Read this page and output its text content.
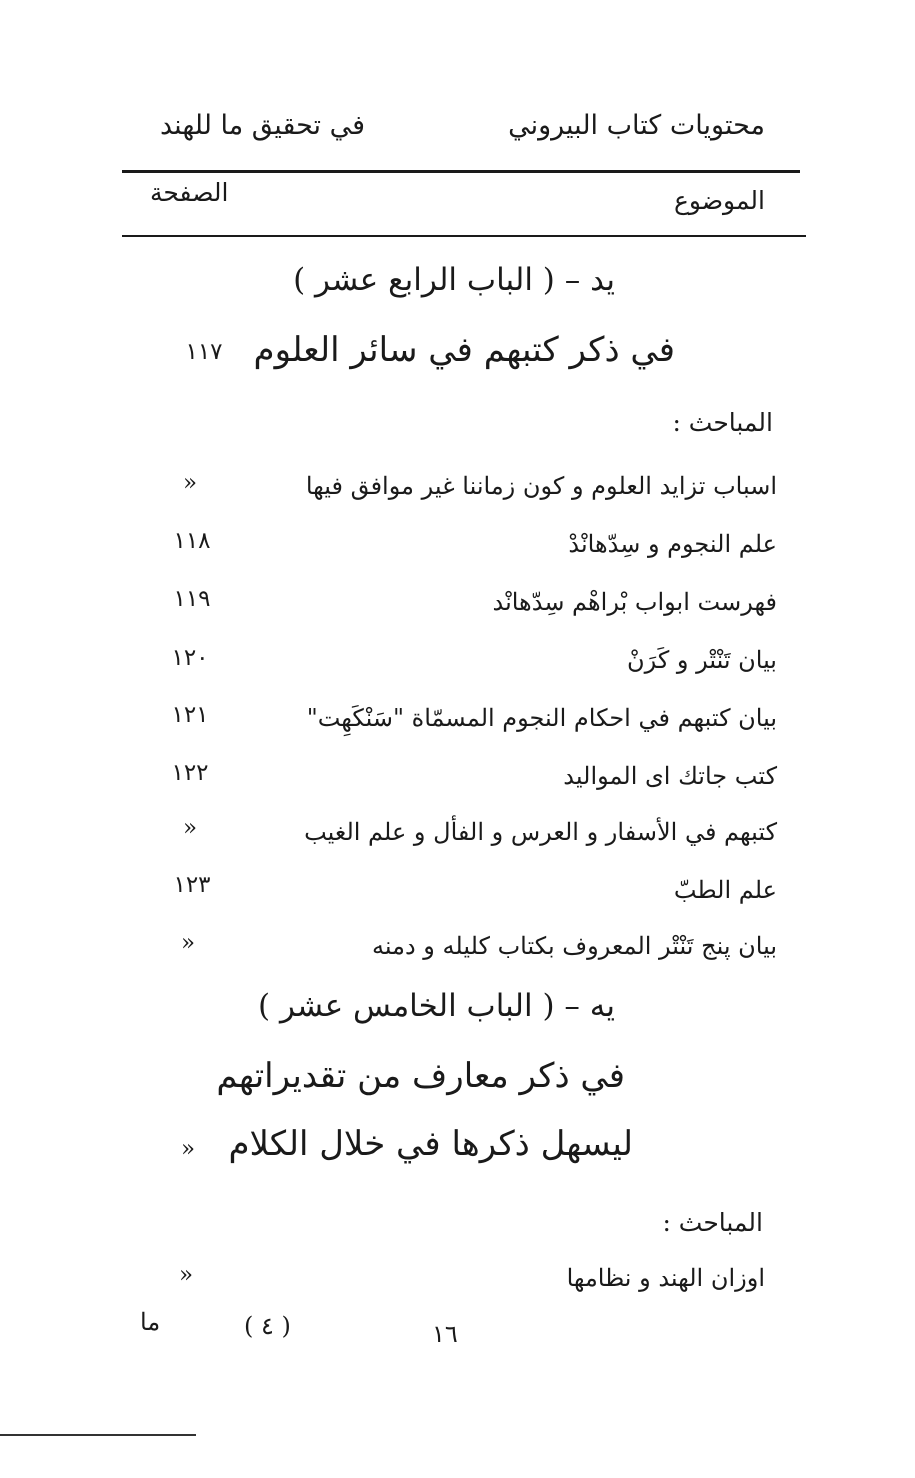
محتويات كتاب البيروني
في تحقيق ما للهند
الموضوع
الصفحة
يد – ( الباب الرابع عشر )
في ذكر كتبهم في سائر العلوم
١١٧
المباحث :
اسباب تزايد العلوم و كون زماننا غير موافق فيها
»
علم النجوم و سِدّهانْدْ
١١٨
فهرست ابواب بْراهْم سِدّهانْد
١١٩
بيان تَنْتْر و كَرَنْ
١٢٠
بيان كتبهم في احكام النجوم المسمّاة "سَنْكَهِت"
١٢١
كتب جاتك اى المواليد
١٢٢
كتبهم في الأسفار و العرس و الفأل و علم الغيب
»
علم الطبّ
١٢٣
بيان پنج تَنْتْر المعروف بكتاب كليله و دمنه
»
يه – ( الباب الخامس عشر )
في ذكر معارف من تقديراتهم
ليسهل ذكرها في خلال الكلام
»
المباحث :
اوزان الهند و نظامها
»
١٦
( ٤ )
ما
